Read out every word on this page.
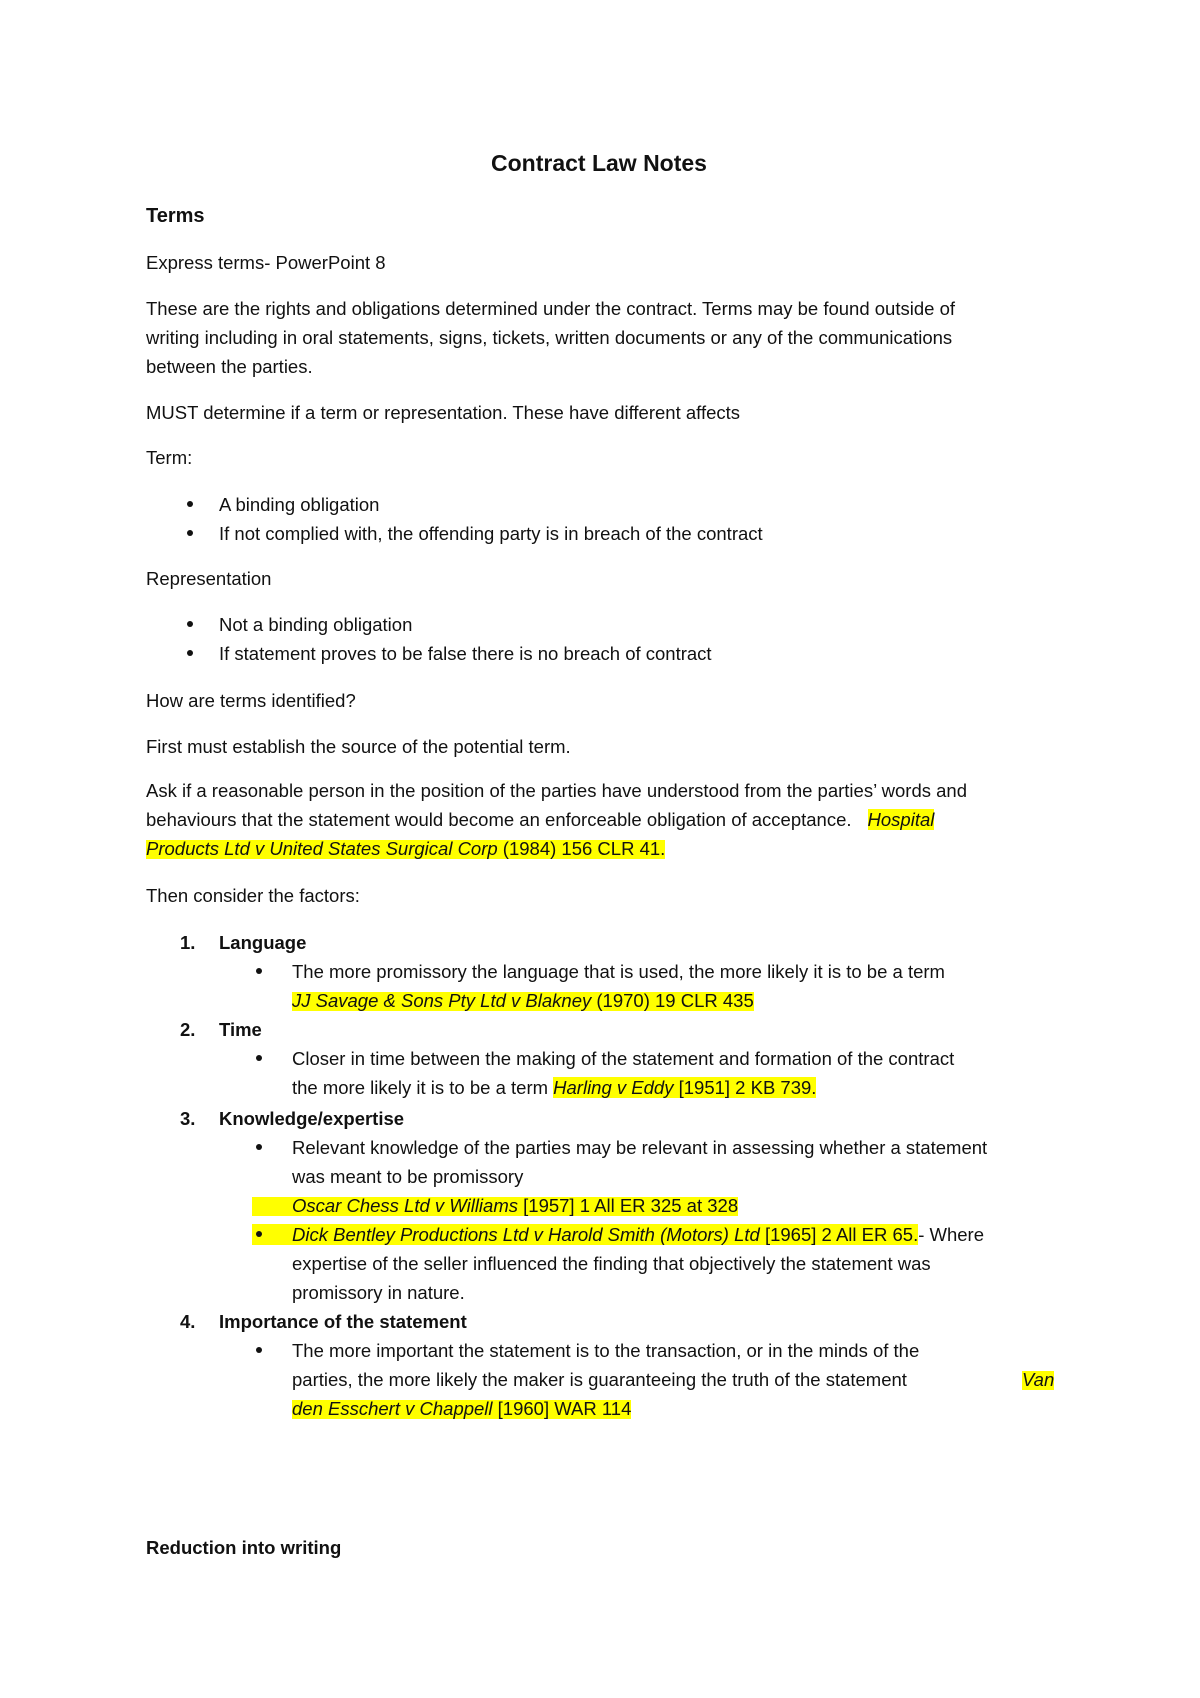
Contract Law Notes
Terms
Express terms- PowerPoint 8
These are the rights and obligations determined under the contract. Terms may be found outside of
writing including in oral statements, signs, tickets, written documents or any of the communications
between the parties.
MUST determine if a term or representation. These have different affects
Term:
A binding obligation
If not complied with, the offending party is in breach of the contract
Representation
Not a binding obligation
If statement proves to be false there is no breach of contract
How are terms identified?
First must establish the source of the potential term.
Ask if a reasonable person in the position of the parties have understood from the parties’ words and
behaviours that the statement would become an enforceable obligation of acceptance. Hospital
Products Ltd v United States Surgical Corp (1984) 156 CLR 41.
Then consider the factors:
1. Language
The more promissory the language that is used, the more likely it is to be a term
JJ Savage & Sons Pty Ltd v Blakney (1970) 19 CLR 435
2. Time
Closer in time between the making of the statement and formation of the contract
the more likely it is to be a term Harling v Eddy [1951] 2 KB 739.
3. Knowledge/expertise
Relevant knowledge of the parties may be relevant in assessing whether a statement
was meant to be promissory
Oscar Chess Ltd v Williams [1957] 1 All ER 325 at 328
Dick Bentley Productions Ltd v Harold Smith (Motors) Ltd [1965] 2 All ER 65.- Where
expertise of the seller influenced the finding that objectively the statement was
promissory in nature.
4. Importance of the statement
The more important the statement is to the transaction, or in the minds of the
parties, the more likely the maker is guaranteeing the truth of the statement	Van
den Esschert v Chappell [1960] WAR 114
Reduction into writing
